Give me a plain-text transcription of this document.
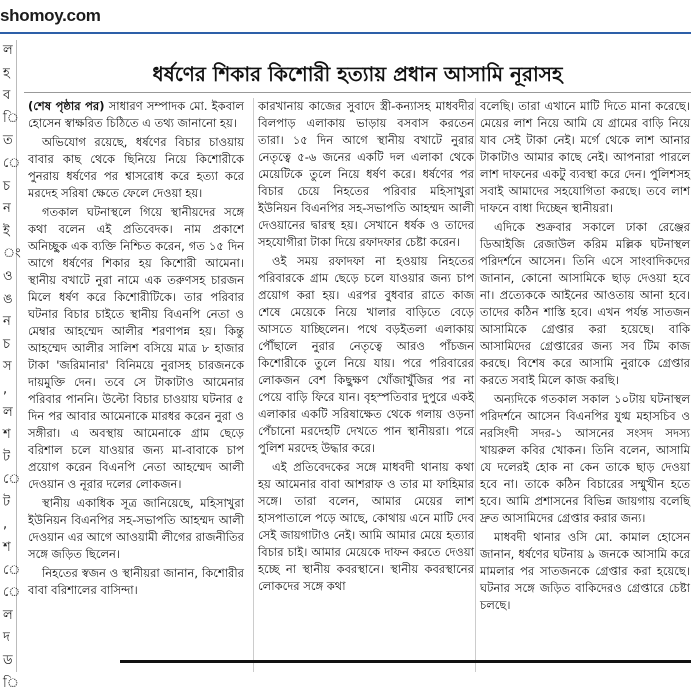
shomoy.com
ল
হ
ব
ি
ত
ে
চ
ন
ই
ং
ও
ঙ
ন
চ
স
,
ল
শ
ট
ে
ট
,
শ
ে
ে
ল
দ
ড
ি
ধর্ষণের শিকার কিশোরী হত্যায় প্রধান আসামি নূরাসহ

(শেষ পৃষ্ঠার পর) সাধারণ সম্পাদক মো. ইকবাল হোসেন স্বাক্ষরিত চিঠিতে এ তথ্য জানানো হয়।

অভিযোগ রয়েছে, ধর্ষণের বিচার চাওয়ায় বাবার কাছ থেকে ছিনিয়ে নিয়ে কিশোরীকে পুনরায় ধর্ষণের পর শ্বাসরোধ করে হত্যা করে মরদেহ সরিষা ক্ষেতে ফেলে দেওয়া হয়।

গতকাল ঘটনাস্থলে গিয়ে স্থানীয়দের সঙ্গে কথা বলেন এই প্রতিবেদক। নাম প্রকাশে অনিচ্ছুক এক ব্যক্তি নিশ্চিত করেন, গত ১৫ দিন আগে ধর্ষণের শিকার হয় কিশোরী আমেনা। স্থানীয় বখাটে নুরা নামে এক তরুণসহ চারজন মিলে ধর্ষণ করে কিশোরীটিকে। তার পরিবার ঘটনার বিচার চাইতে স্থানীয় বিএনপি নেতা ও মেম্বার আহম্মেদ আলীর শরণাপন্ন হয়। কিন্তু আহম্মেদ আলীর সালিশ বসিয়ে মাত্র ৮ হাজার টাকা 'জরিমানার' বিনিময়ে নুরাসহ চারজনকে দায়মুক্তি দেন। তবে সে টাকাটাও আমেনার পরিবার পাননি। উল্টো বিচার চাওয়ায় ঘটনার ৫ দিন পর আবার আমেনাকে মারধর করেন নুরা ও সঙ্গীরা। এ অবস্থায় আমেনাকে গ্রাম ছেড়ে বরিশাল চলে যাওয়ার জন্য মা-বাবাকে চাপ প্রয়োগ করেন বিএনপি নেতা আহম্মেদ আলী দেওয়ান ও নূরার দলের লোকজন।

স্থানীয় একাধিক সূত্র জানিয়েছে, মহিসাখুরা ইউনিয়ন বিএনপির সহ-সভাপতি আহম্মদ আলী দেওয়ান এর আগে আওয়ামী লীগের রাজনীতির সঙ্গে জড়িত ছিলেন।

নিহতের স্বজন ও স্থানীয়রা জানান, কিশোরীর বাবা বরিশালের বাসিন্দা।

কারখানায় কাজের সুবাদে স্ত্রী-কন্যাসহ মাধবদীর বিলপাড় এলাকায় ভাড়ায় বসবাস করতেন তারা। ১৫ দিন আগে স্থানীয় বখাটে নুরার নেতৃত্বে ৫-৬ জনের একটি দল এলাকা থেকে মেয়েটিকে তুলে নিয়ে ধর্ষণ করে। ধর্ষণের পর বিচার চেয়ে নিহতের পরিবার মহিসাখুরা ইউনিয়ন বিএনপির সহ-সভাপতি আহম্মদ আলী দেওয়ানের দ্বারস্থ হয়। সেখানে ধর্ষক ও তাদের সহযোগীরা টাকা দিয়ে রফাদফার চেষ্টা করেন।

ওই সময় রফাদফা না হওয়ায় নিহতের পরিবারকে গ্রাম ছেড়ে চলে যাওয়ার জন্য চাপ প্রয়োগ করা হয়। এরপর বুধবার রাতে কাজ শেষে মেয়েকে নিয়ে খালার বাড়িতে বেড়ে আসতে যাচ্ছিলেন। পথে বড়ইতলা এলাকায় পৌঁছালে নুরার নেতৃত্বে আরও পাঁচজন কিশোরীকে তুলে নিয়ে যায়। পরে পরিবারের লোকজন বেশ কিছুক্ষণ খোঁজাখুঁজির পর না পেয়ে বাড়ি ফিরে যান। বৃহস্পতিবার দুপুরে একই এলাকার একটি সরিষাক্ষেত থেকে গলায় ওড়না পেঁচানো মরদেহটি দেখতে পান স্থানীয়রা। পরে পুলিশ মরদেহ উদ্ধার করে।

এই প্রতিবেদকের সঙ্গে মাধবদী থানায় কথা হয় আমেনার বাবা আশরাফ ও তার মা ফাহিমার সঙ্গে। তারা বলেন, আমার মেয়ের লাশ হাসপাতালে পড়ে আছে, কোথায় এনে মাটি দেব সেই জায়গাটাও নেই। আমি আমার মেয়ে হত্যার বিচার চাই। আমার মেয়েকে দাফন করতে দেওয়া হচ্ছে না স্থানীয় কবরস্থানে। স্থানীয় কবরস্থানের লোকদের সঙ্গে কথা

বলেছি। তারা এখানে মাটি দিতে মানা করেছে। মেয়ের লাশ নিয়ে আমি যে গ্রামের বাড়ি নিয়ে যাব সেই টাকা নেই। মর্গে থেকে লাশ আনার টাকাটাও আমার কাছে নেই। আপনারা পারলে লাশ দাফনের একটু ব্যবস্থা করে দেন। পুলিশসহ সবাই আমাদের সহযোগিতা করছে। তবে লাশ দাফনে বাধা দিচ্ছেন স্থানীয়রা।

এদিকে শুক্রবার সকালে ঢাকা রেঞ্জের ডিআইজি রেজাউল করিম মল্লিক ঘটনাস্থল পরিদর্শনে আসেন। তিনি এসে সাংবাদিকদের জানান, কোনো আসামিকে ছাড় দেওয়া হবে না। প্রত্যেককে আইনের আওতায় আনা হবে। তাদের কঠিন শাস্তি হবে। এখন পর্যন্ত সাতজন আসামিকে গ্রেপ্তার করা হয়েছে। বাকি আসামিদের গ্রেপ্তারের জন্য সব টিম কাজ করছে। বিশেষ করে আসামি নুরাকে গ্রেপ্তার করতে সবাই মিলে কাজ করছি।

অন্যদিকে গতকাল সকাল ১০টায় ঘটনাস্থল পরিদর্শনে আসেন বিএনপির যুগ্ম মহাসচিব ও নরসিংদী সদর-১ আসনের সংসদ সদস্য খায়রুল কবির খোকন। তিনি বলেন, আসামি যে দলেরই হোক না কেন তাকে ছাড় দেওয়া হবে না। তাকে কঠিন বিচারের সম্মুখীন হতে হবে। আমি প্রশাসনের বিভিন্ন জায়গায় বলেছি দ্রুত আসামিদের গ্রেপ্তার করার জন্য।

মাধবদী থানার ওসি মো. কামাল হোসেন জানান, ধর্ষণের ঘটনায় ৯ জনকে আসামি করে মামলার পর সাতজনকে গ্রেপ্তার করা হয়েছে। ঘটনার সঙ্গে জড়িত বাকিদেরও গ্রেপ্তারে চেষ্টা চলছে।
